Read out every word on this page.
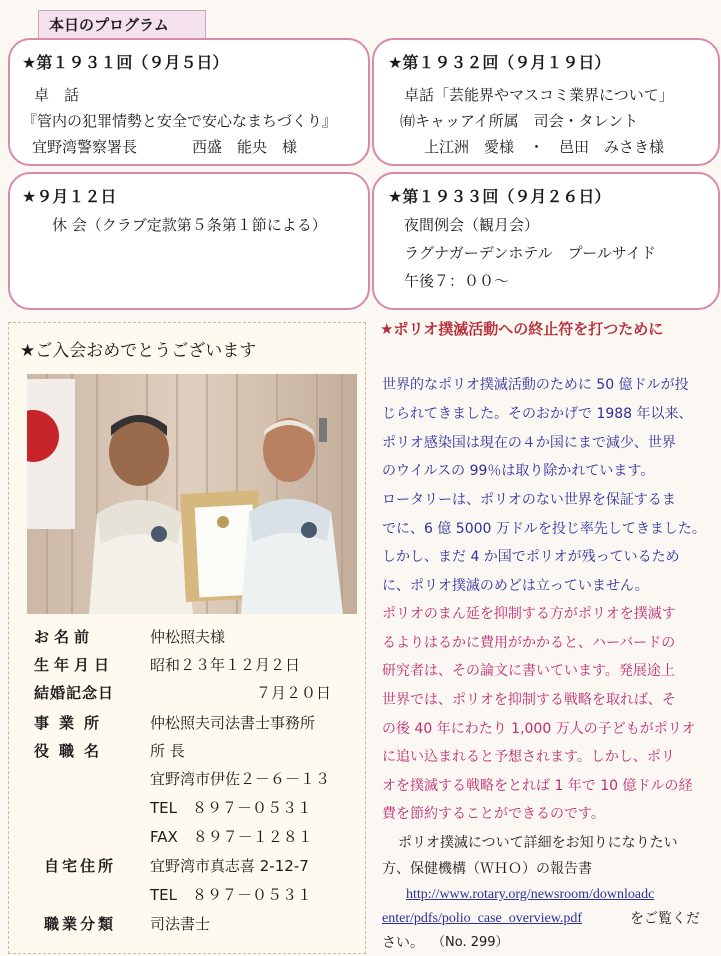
本日のプログラム
★第１９３１回（９月５日）
卓　話
『管内の犯罪情勢と安全で安心なまちづくり』
宜野湾警察署長	西盛　能央　様
★第１９３２回（９月１９日）
卓話「芸能界やマスコミ業界について」
㈲キャッアイ所属　司会・タレント
上江洲　愛様　・　邑田　みさき様
★９月１２日
休 会（クラブ定款第５条第１節による）
★第１９３３回（９月２６日）
夜間例会（観月会）
ラグナガーデンホテル　プールサイド
午後７：００～
★ご入会おめでとうございます
お名前	仲松照夫様
生年月日 昭和２３年１２月２日
結婚記念日	７月２０日
事業所	仲松照夫司法書士事務所
役職名	所 長
宜野湾市伊佐２－６－１３
TEL　８９７－０５３１
FAX　８９７－１２８１
自宅住所 宜野湾市真志喜 2-12-7
TEL　８９７－０５３１
職業分類 司法書士
★ポリオ撲滅活動への終止符を打つために
世界的なポリオ撲滅活動のために 50 億ドルが投
じられてきました。そのおかげで 1988 年以来、
ポリオ感染国は現在の４か国にまで減少、世界
のウイルスの 99％は取り除かれています。
ロータリーは、ポリオのない世界を保証するま
でに、6 億 5000 万ドルを投じ率先してきました。
しかし、まだ 4 か国でポリオが残っているため
に、ポリオ撲滅のめどは立っていません。
ポリオのまん延を抑制する方がポリオを撲滅す
るよりはるかに費用がかかると、ハーバードの
研究者は、その論文に書いています。発展途上
世界では、ポリオを抑制する戦略を取れば、そ
の後 40 年にわたり 1,000 万人の子どもがポリオ
に追い込まれると予想されます。しかし、ポリ
オを撲滅する戦略をとれば 1 年で 10 億ドルの経
費を節約することができるのです。
ポリオ撲滅について詳細をお知りになりたい
方、保健機構（ＷＨＯ）の報告書
http://www.rotary.org/newsroom/downloadc
enter/pdfs/polio_case_overview.pdf	をご覧くだ
さい。 （No. 299）
